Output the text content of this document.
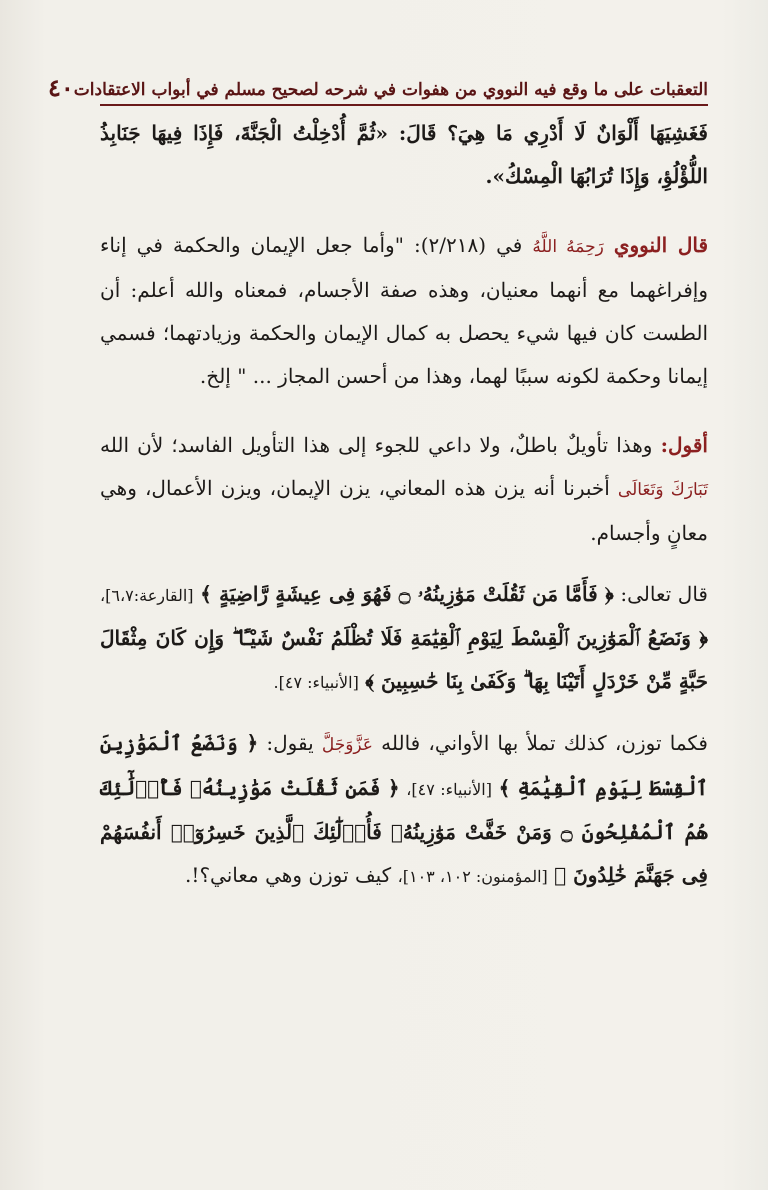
التعقبات على ما وقع فيه النووي من هفوات في شرحه لصحيح مسلم في أبواب الاعتقادات
٤٠

فَغَشِيَهَا أَلْوَانٌ لَا أَدْرِي مَا هِيَ؟ قَالَ: «ثُمَّ أُدْخِلْتُ الْجَنَّةَ، فَإِذَا فِيهَا جَنَابِذُ اللُّؤْلُؤِ، وَإِذَا تُرَابُهَا الْمِسْكُ».

قال النووي رَحِمَهُ اللَّهُ في (٢/٢١٨): "وأما جعل الإيمان والحكمة في إناء وإفراغهما مع أنهما معنيان، وهذه صفة الأجسام، فمعناه والله أعلم: أن الطست كان فيها شيء يحصل به كمال الإيمان والحكمة وزيادتهما؛ فسمي إيمانا وحكمة لكونه سببًا لهما، وهذا من أحسن المجاز ... " إلخ.

أقول: وهذا تأويلٌ باطلٌ، ولا داعي للجوء إلى هذا التأويل الفاسد؛ لأن الله تَبَارَكَ وَتَعَالَى أخبرنا أنه يزن هذه المعاني، يزن الإيمان، ويزن الأعمال، وهي معانٍ وأجسام.

قال تعالى: ﴿ فَأَمَّا مَن ثَقُلَتْ مَوَٰزِينُهُۥ ۝ فَهُوَ فِى عِيشَةٍ رَّاضِيَةٍ ﴾ [القارعة:٦،٧]، ﴿ وَنَضَعُ ٱلْمَوَٰزِينَ ٱلْقِسْطَ لِيَوْمِ ٱلْقِيَٰمَةِ فَلَا تُظْلَمُ نَفْسٌ شَيْـًٔا ۖ وَإِن كَانَ مِثْقَالَ حَبَّةٍ مِّنْ خَرْدَلٍ أَتَيْنَا بِهَا ۗ وَكَفَىٰ بِنَا حَٰسِبِينَ ﴾ [الأنبياء: ٤٧].

فكما توزن، كذلك تملأ بها الأواني، فالله عَزَّوَجَلَّ يقول: ﴿ وَنَضَعُ ٱلْمَوَٰزِينَ ٱلْقِسْطَ لِيَوْمِ ٱلْقِيَٰمَةِ ﴾ [الأنبياء: ٤٧]، ﴿ فَمَن ثَقُلَتْ مَوَٰزِينُهُۥ فَأُو۟لَٰٓئِكَ هُمُ ٱلْمُفْلِحُونَ ۝ وَمَنْ خَفَّتْ مَوَٰزِينُهُۥ فَأُو۟لَٰٓئِكَ ٱلَّذِينَ خَسِرُوٓا۟ أَنفُسَهُمْ فِى جَهَنَّمَ خَٰلِدُونَ ﴾ [المؤمنون: ١٠٢، ١٠٣]، كيف توزن وهي معاني؟!.
